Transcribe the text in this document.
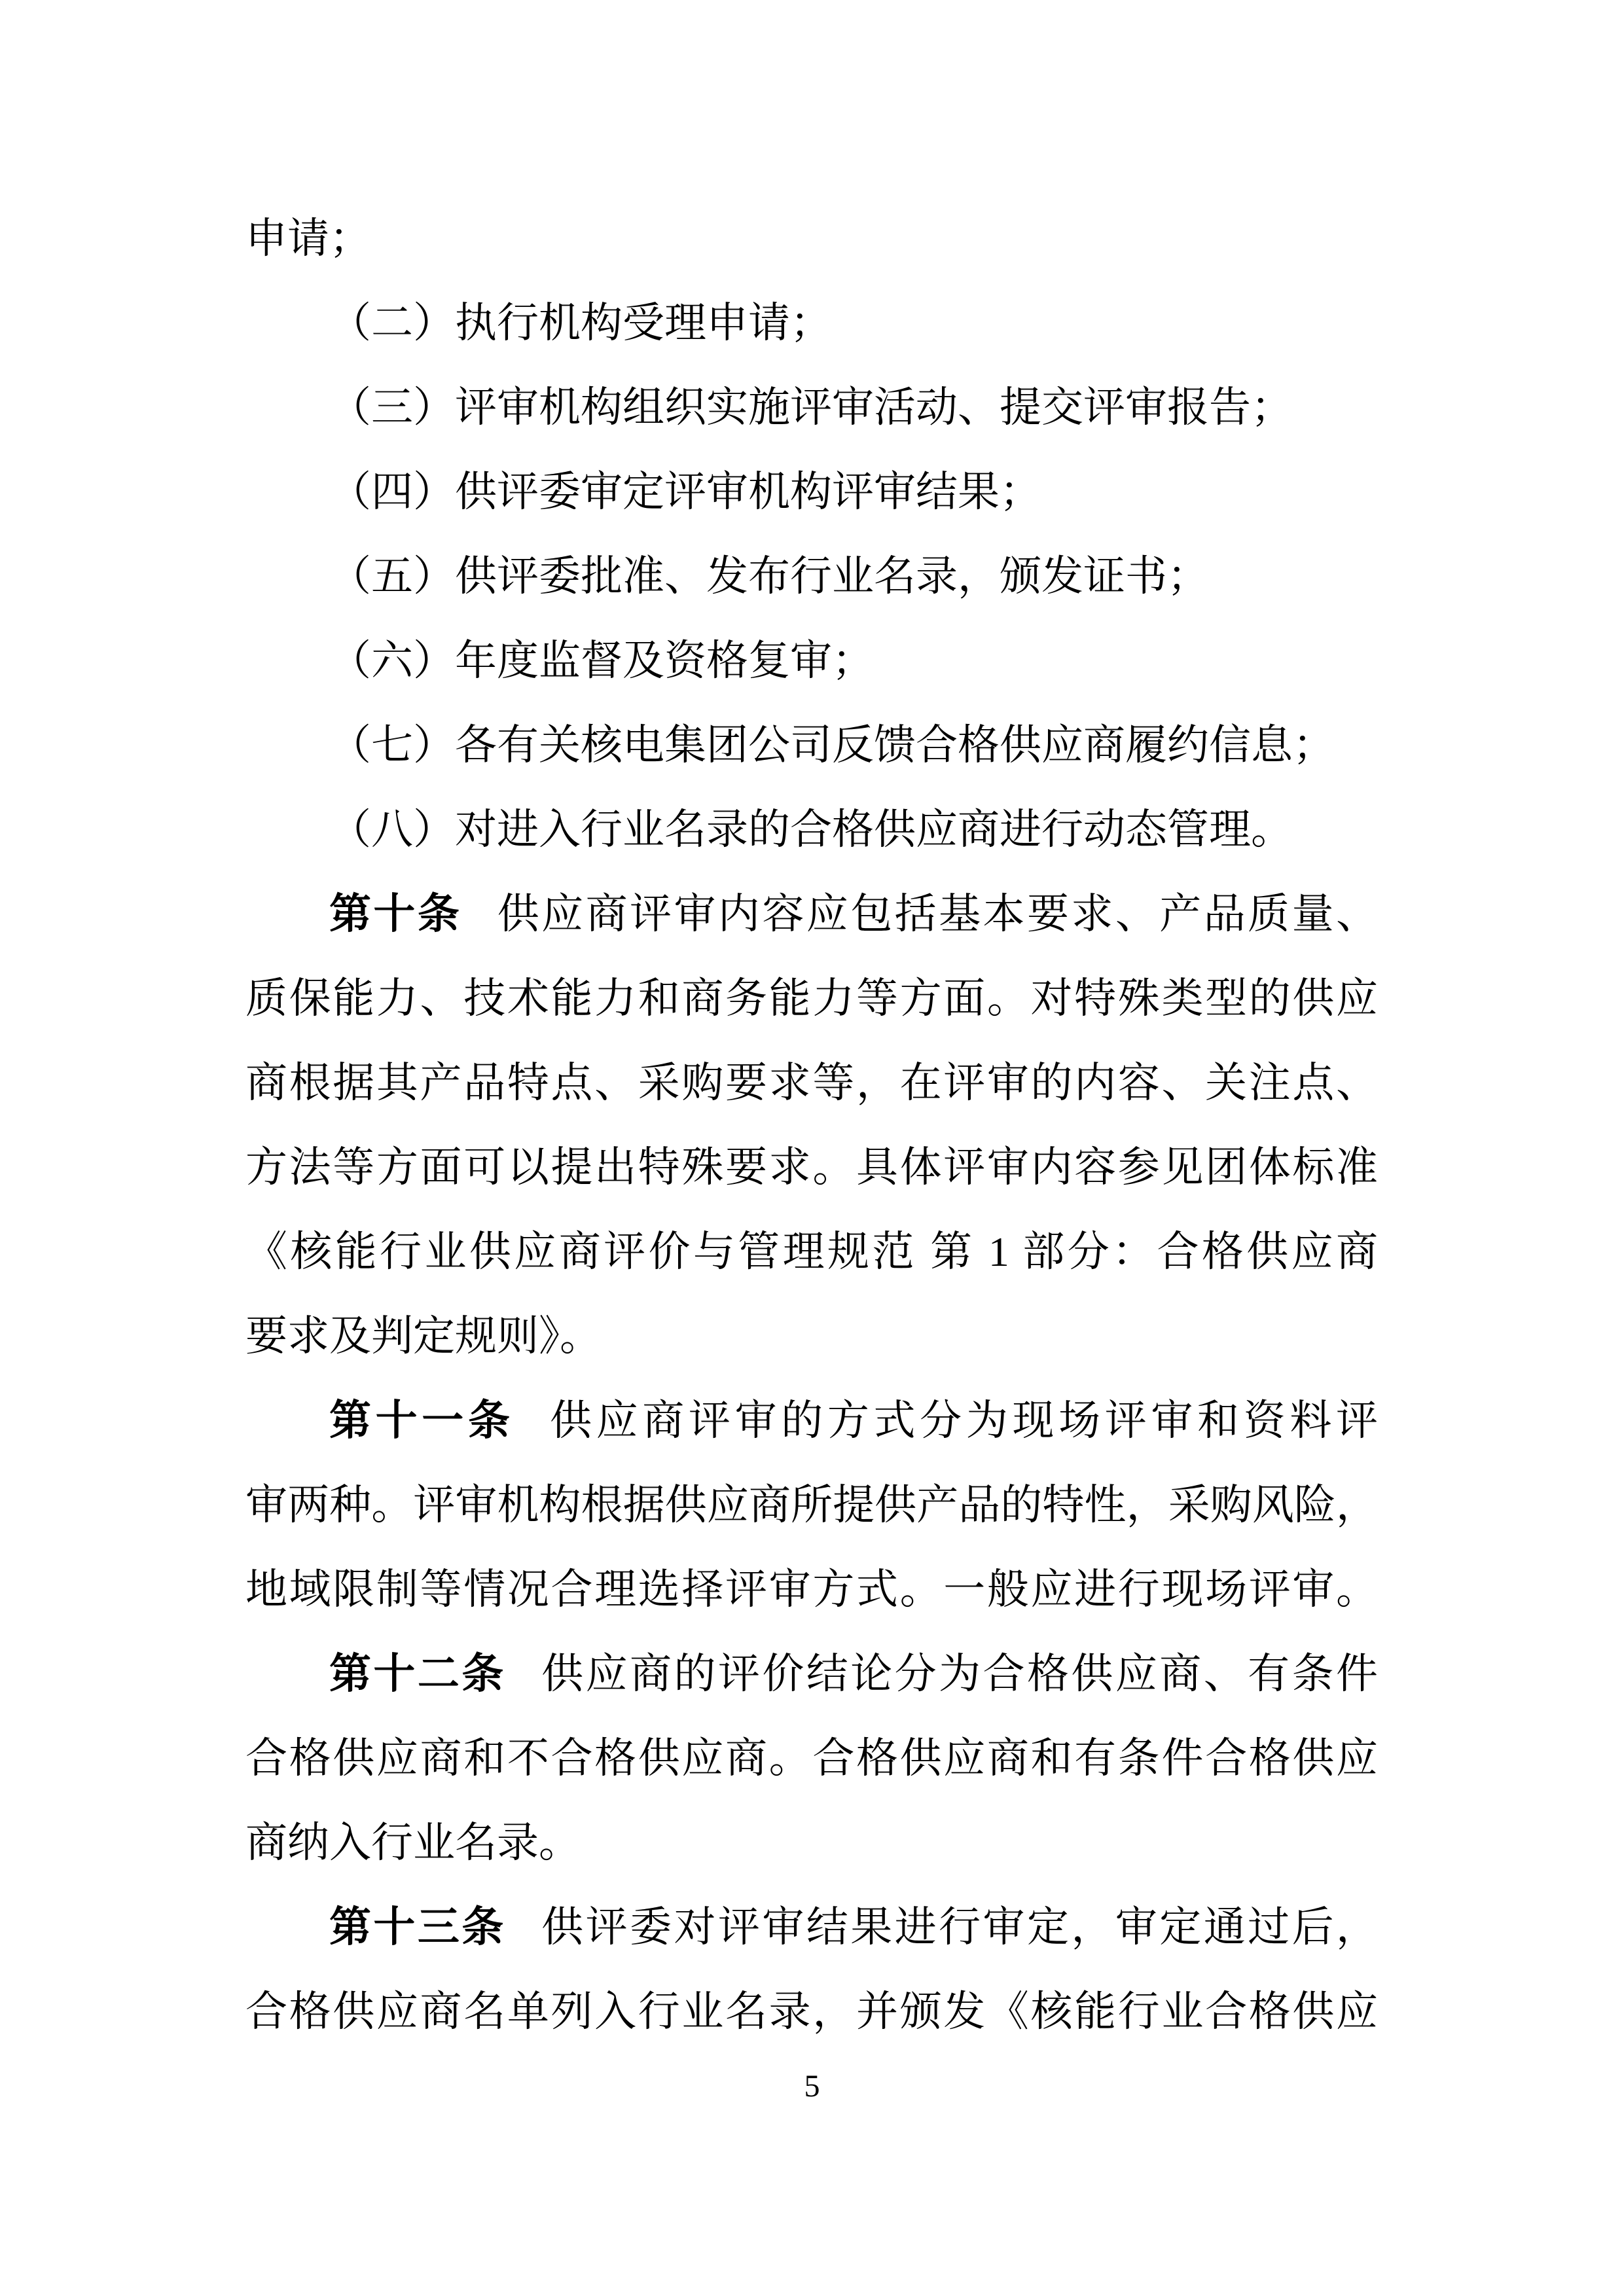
申请；
（二）执行机构受理申请；
（三）评审机构组织实施评审活动、提交评审报告；
（四）供评委审定评审机构评审结果；
（五）供评委批准、发布行业名录，颁发证书；
（六）年度监督及资格复审；
（七）各有关核电集团公司反馈合格供应商履约信息；
（八）对进入行业名录的合格供应商进行动态管理。
第十条 供应商评审内容应包括基本要求、产品质量、
质保能力、技术能力和商务能力等方面。对特殊类型的供应
商根据其产品特点、采购要求等，在评审的内容、关注点、
方法等方面可以提出特殊要求。具体评审内容参见团体标准
《核能行业供应商评价与管理规范 第 1 部分：合格供应商
要求及判定规则》。
第十一条 供应商评审的方式分为现场评审和资料评
审两种。评审机构根据供应商所提供产品的特性，采购风险，
地域限制等情况合理选择评审方式。一般应进行现场评审。
第十二条 供应商的评价结论分为合格供应商、有条件
合格供应商和不合格供应商。合格供应商和有条件合格供应
商纳入行业名录。
第十三条 供评委对评审结果进行审定，审定通过后，
合格供应商名单列入行业名录，并颁发《核能行业合格供应
5
